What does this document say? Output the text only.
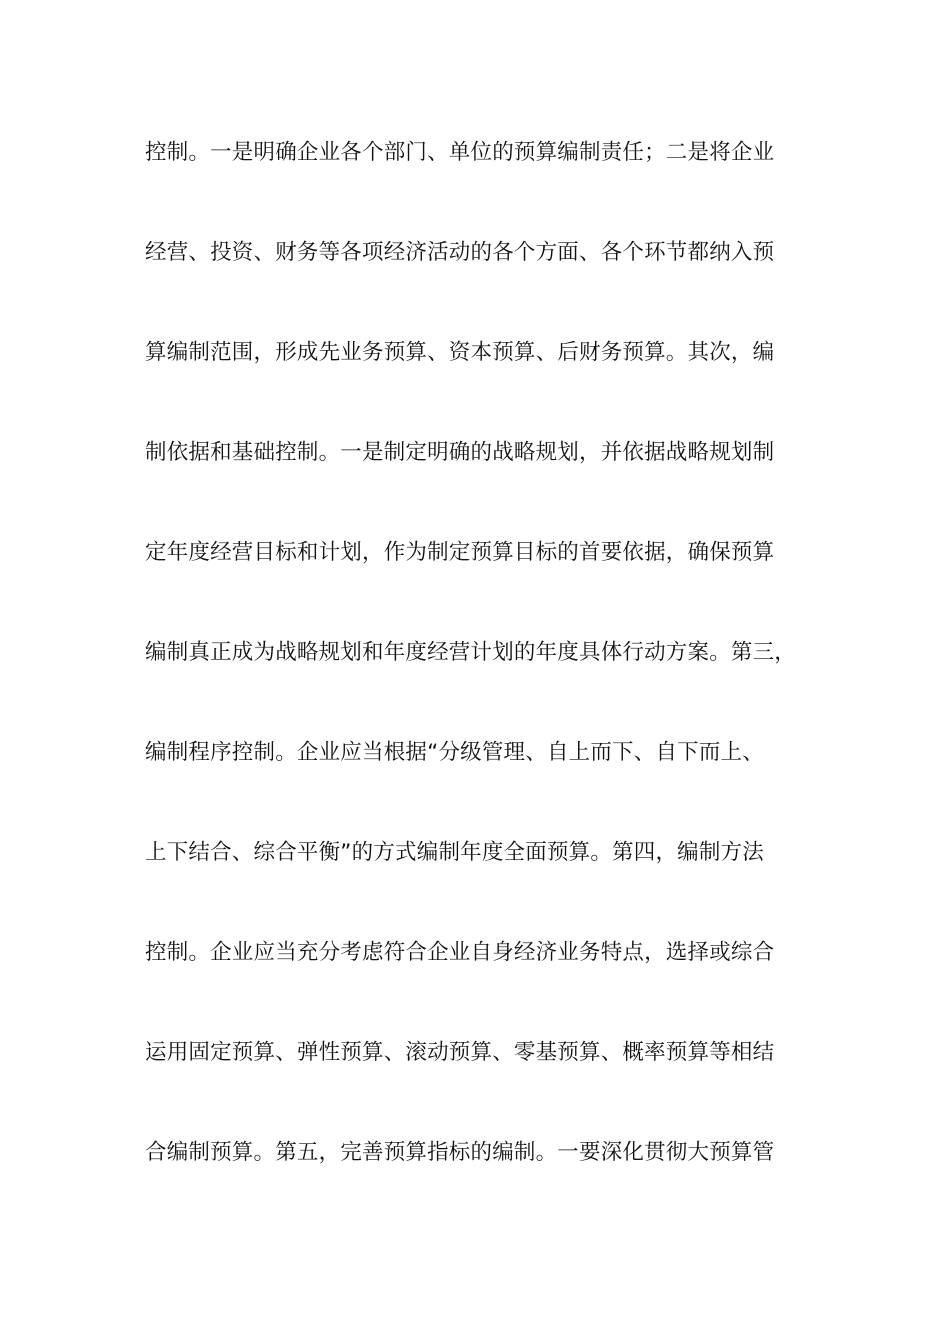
控制。一是明确企业各个部门、单位的预算编制责任；二是将企业
经营、投资、财务等各项经济活动的各个方面、各个环节都纳入预
算编制范围，形成先业务预算、资本预算、后财务预算。其次，编
制依据和基础控制。一是制定明确的战略规划，并依据战略规划制
定年度经营目标和计划，作为制定预算目标的首要依据，确保预算
编制真正成为战略规划和年度经营计划的年度具体行动方案。第三，
编制程序控制。企业应当根据“分级管理、自上而下、自下而上、
上下结合、综合平衡”的方式编制年度全面预算。第四，编制方法
控制。企业应当充分考虑符合企业自身经济业务特点，选择或综合
运用固定预算、弹性预算、滚动预算、零基预算、概率预算等相结
合编制预算。第五，完善预算指标的编制。一要深化贯彻大预算管
